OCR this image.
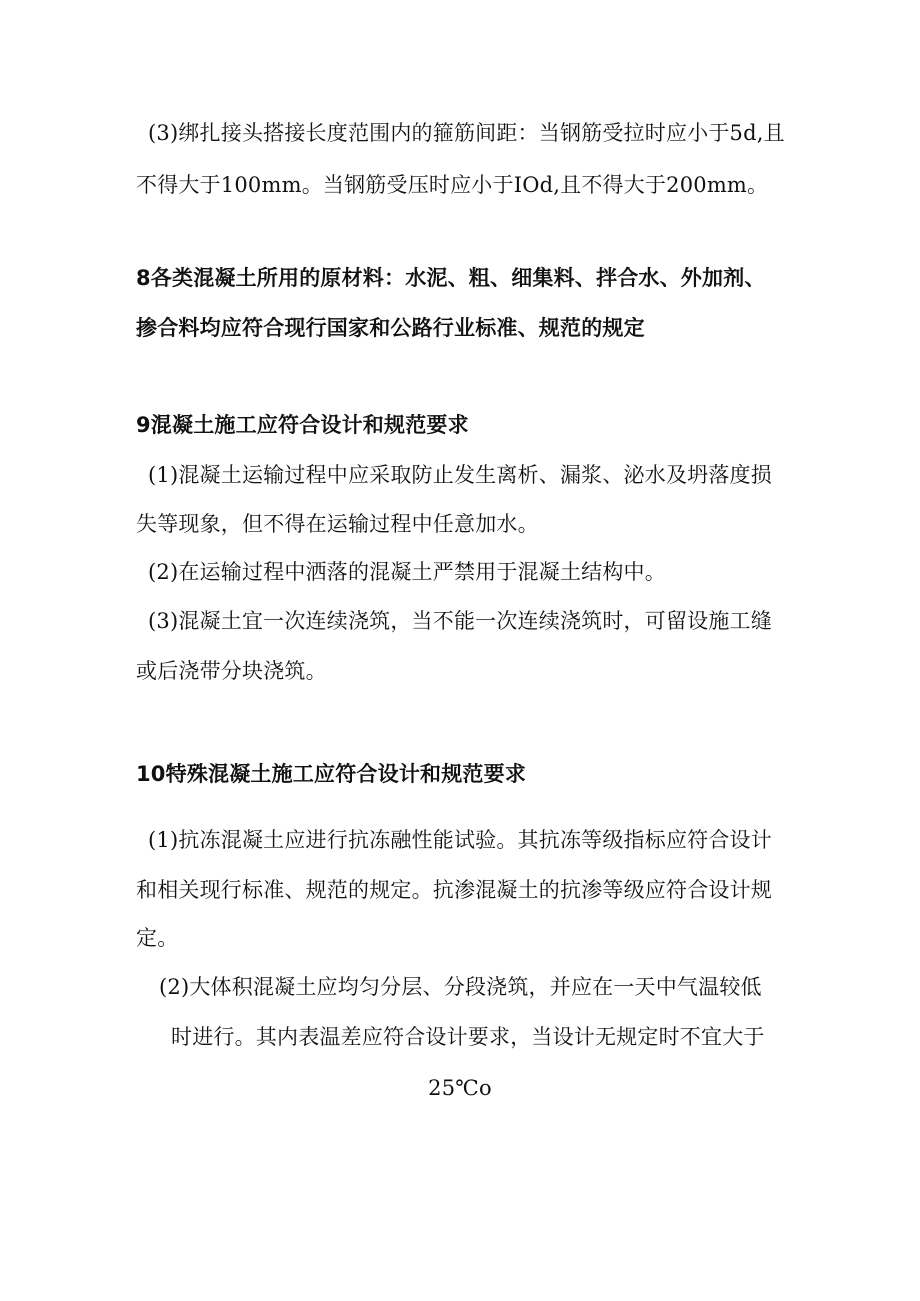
(3)绑扎接头搭接长度范围内的箍筋间距：当钢筋受拉时应小于5d,且
不得大于100mm。当钢筋受压时应小于IOd,且不得大于200mm。
8各类混凝土所用的原材料：水泥、粗、细集料、拌合水、外加剂、
掺合料均应符合现行国家和公路行业标准、规范的规定
9混凝土施工应符合设计和规范要求
(1)混凝土运输过程中应采取防止发生离析、漏浆、泌水及坍落度损
失等现象，但不得在运输过程中任意加水。
(2)在运输过程中洒落的混凝土严禁用于混凝土结构中。
(3)混凝土宜一次连续浇筑，当不能一次连续浇筑时，可留设施工缝
或后浇带分块浇筑。
10特殊混凝土施工应符合设计和规范要求
(1)抗冻混凝土应进行抗冻融性能试验。其抗冻等级指标应符合设计
和相关现行标准、规范的规定。抗渗混凝土的抗渗等级应符合设计规
定。
(2)大体积混凝土应均匀分层、分段浇筑，并应在一天中气温较低
时进行。其内表温差应符合设计要求，当设计无规定时不宜大于
25℃o
